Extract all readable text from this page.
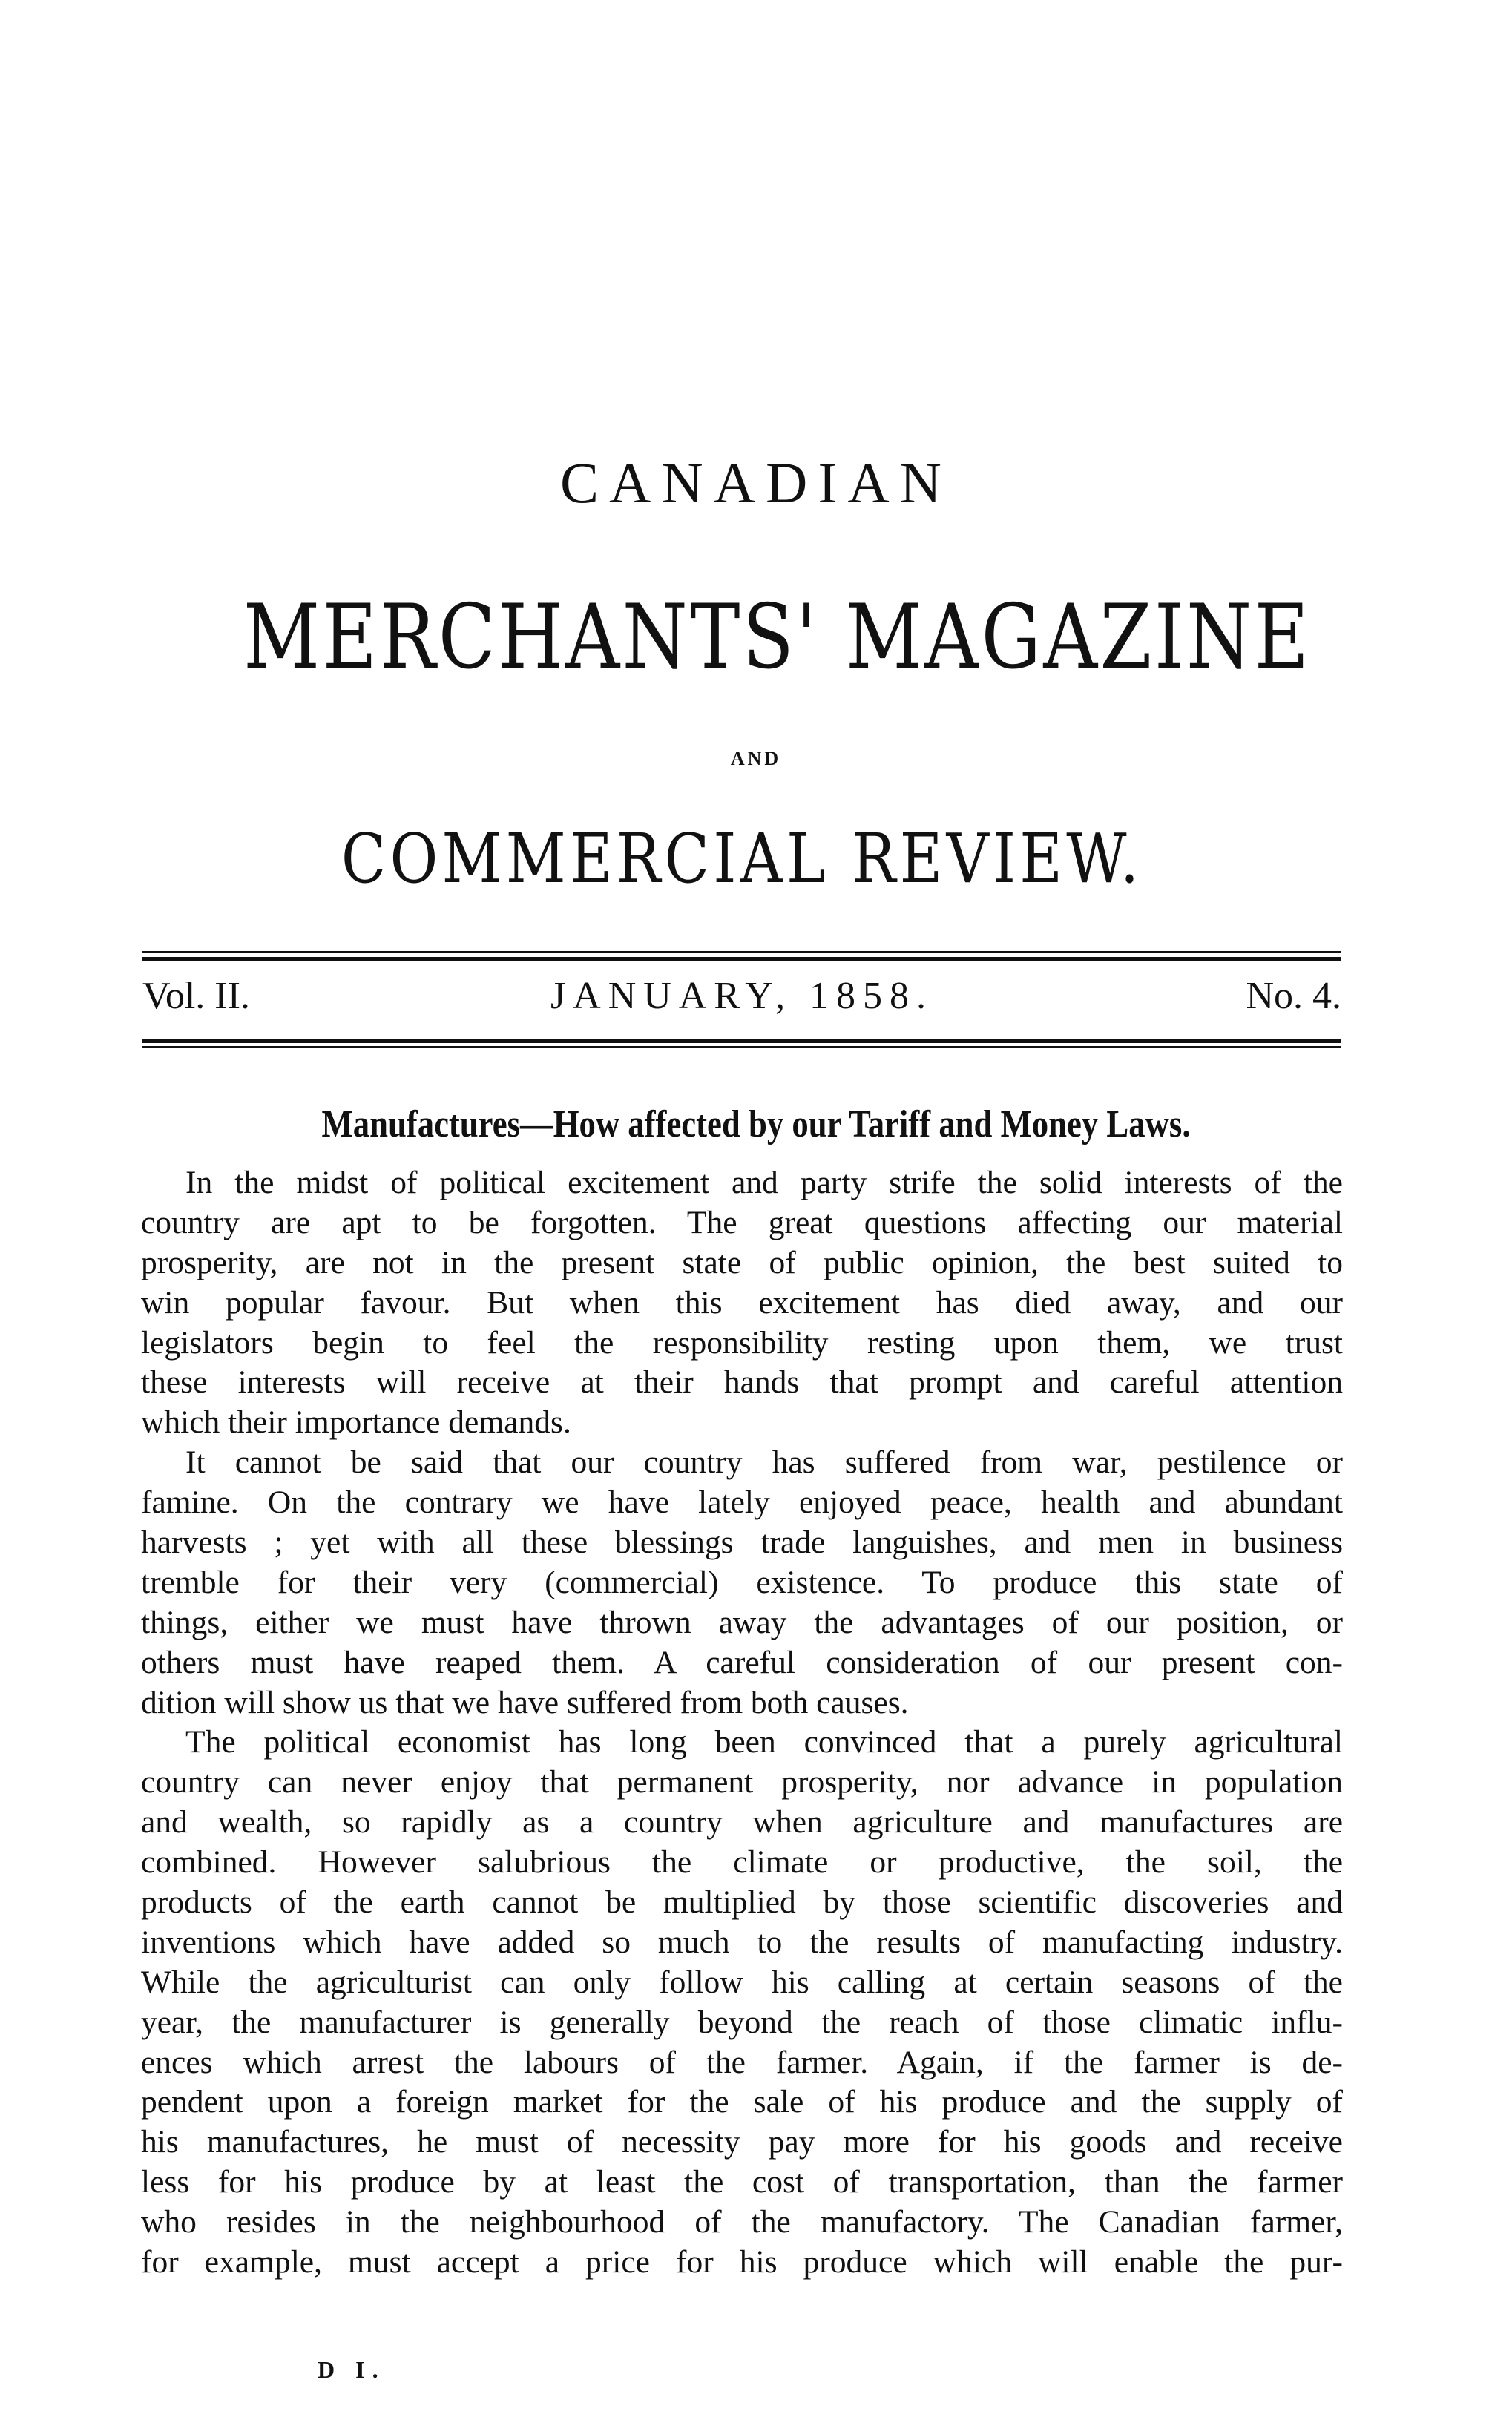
CANADIAN
MERCHANTS' MAGAZINE
AND
COMMERCIAL REVIEW.
Vol. II.	JANUARY, 1858.	No. 4.
Manufactures—How affected by our Tariff and Money Laws.
In the midst of political excitement and party strife the solid interests of the
country are apt to be forgotten. The great questions affecting our material
prosperity, are not in the present state of public opinion, the best suited to
win popular favour. But when this excitement has died away, and our
legislators begin to feel the responsibility resting upon them, we trust
these interests will receive at their hands that prompt and careful attention
which their importance demands.
It cannot be said that our country has suffered from war, pestilence or
famine. On the contrary we have lately enjoyed peace, health and abundant
harvests ; yet with all these blessings trade languishes, and men in business
tremble for their very (commercial) existence. To produce this state of
things, either we must have thrown away the advantages of our position, or
others must have reaped them. A careful consideration of our present con-
dition will show us that we have suffered from both causes.
The political economist has long been convinced that a purely agricultural
country can never enjoy that permanent prosperity, nor advance in population
and wealth, so rapidly as a country when agriculture and manufactures are
combined. However salubrious the climate or productive, the soil, the
products of the earth cannot be multiplied by those scientific discoveries and
inventions which have added so much to the results of manufacting industry.
While the agriculturist can only follow his calling at certain seasons of the
year, the manufacturer is generally beyond the reach of those climatic influ-
ences which arrest the labours of the farmer. Again, if the farmer is de-
pendent upon a foreign market for the sale of his produce and the supply of
his manufactures, he must of necessity pay more for his goods and receive
less for his produce by at least the cost of transportation, than the farmer
who resides in the neighbourhood of the manufactory. The Canadian farmer,
for example, must accept a price for his produce which will enable the pur-
D I.
